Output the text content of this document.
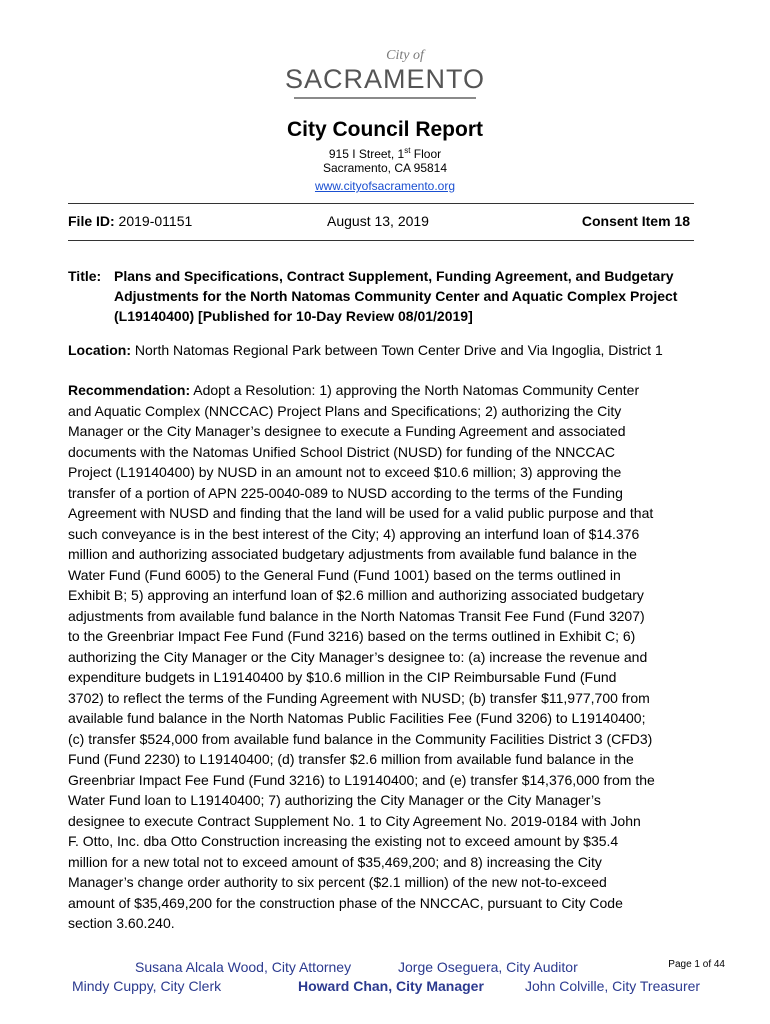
City of
SACRAMENTO
City Council Report
915 I Street, 1st Floor
Sacramento, CA 95814
www.cityofsacramento.org
File ID: 2019-01151	August 13, 2019	Consent Item 18
Title: Plans and Specifications, Contract Supplement, Funding Agreement, and Budgetary Adjustments for the North Natomas Community Center and Aquatic Complex Project (L19140400) [Published for 10-Day Review 08/01/2019]
Location: North Natomas Regional Park between Town Center Drive and Via Ingoglia, District 1
Recommendation: Adopt a Resolution: 1) approving the North Natomas Community Center
and Aquatic Complex (NNCCAC) Project Plans and Specifications; 2) authorizing the City
Manager or the City Manager’s designee to execute a Funding Agreement and associated
documents with the Natomas Unified School District (NUSD) for funding of the NNCCAC
Project (L19140400) by NUSD in an amount not to exceed $10.6 million; 3) approving the
transfer of a portion of APN 225-0040-089 to NUSD according to the terms of the Funding
Agreement with NUSD and finding that the land will be used for a valid public purpose and that
such conveyance is in the best interest of the City; 4) approving an interfund loan of $14.376
million and authorizing associated budgetary adjustments from available fund balance in the
Water Fund (Fund 6005) to the General Fund (Fund 1001) based on the terms outlined in
Exhibit B; 5) approving an interfund loan of $2.6 million and authorizing associated budgetary
adjustments from available fund balance in the North Natomas Transit Fee Fund (Fund 3207)
to the Greenbriar Impact Fee Fund (Fund 3216) based on the terms outlined in Exhibit C; 6)
authorizing the City Manager or the City Manager’s designee to: (a) increase the revenue and
expenditure budgets in L19140400 by $10.6 million in the CIP Reimbursable Fund (Fund
3702) to reflect the terms of the Funding Agreement with NUSD; (b) transfer $11,977,700 from
available fund balance in the North Natomas Public Facilities Fee (Fund 3206) to L19140400;
(c) transfer $524,000 from available fund balance in the Community Facilities District 3 (CFD3)
Fund (Fund 2230) to L19140400; (d) transfer $2.6 million from available fund balance in the
Greenbriar Impact Fee Fund (Fund 3216) to L19140400; and (e) transfer $14,376,000 from the
Water Fund loan to L19140400; 7) authorizing the City Manager or the City Manager’s
designee to execute Contract Supplement No. 1 to City Agreement No. 2019-0184 with John
F. Otto, Inc. dba Otto Construction increasing the existing not to exceed amount by $35.4
million for a new total not to exceed amount of $35,469,200; and 8) increasing the City
Manager’s change order authority to six percent ($2.1 million) of the new not-to-exceed
amount of $35,469,200 for the construction phase of the NNCCAC, pursuant to City Code
section 3.60.240.
Susana Alcala Wood, City Attorney	Jorge Oseguera, City Auditor	Page 1 of 44
Mindy Cuppy, City Clerk	Howard Chan, City Manager	John Colville, City Treasurer
